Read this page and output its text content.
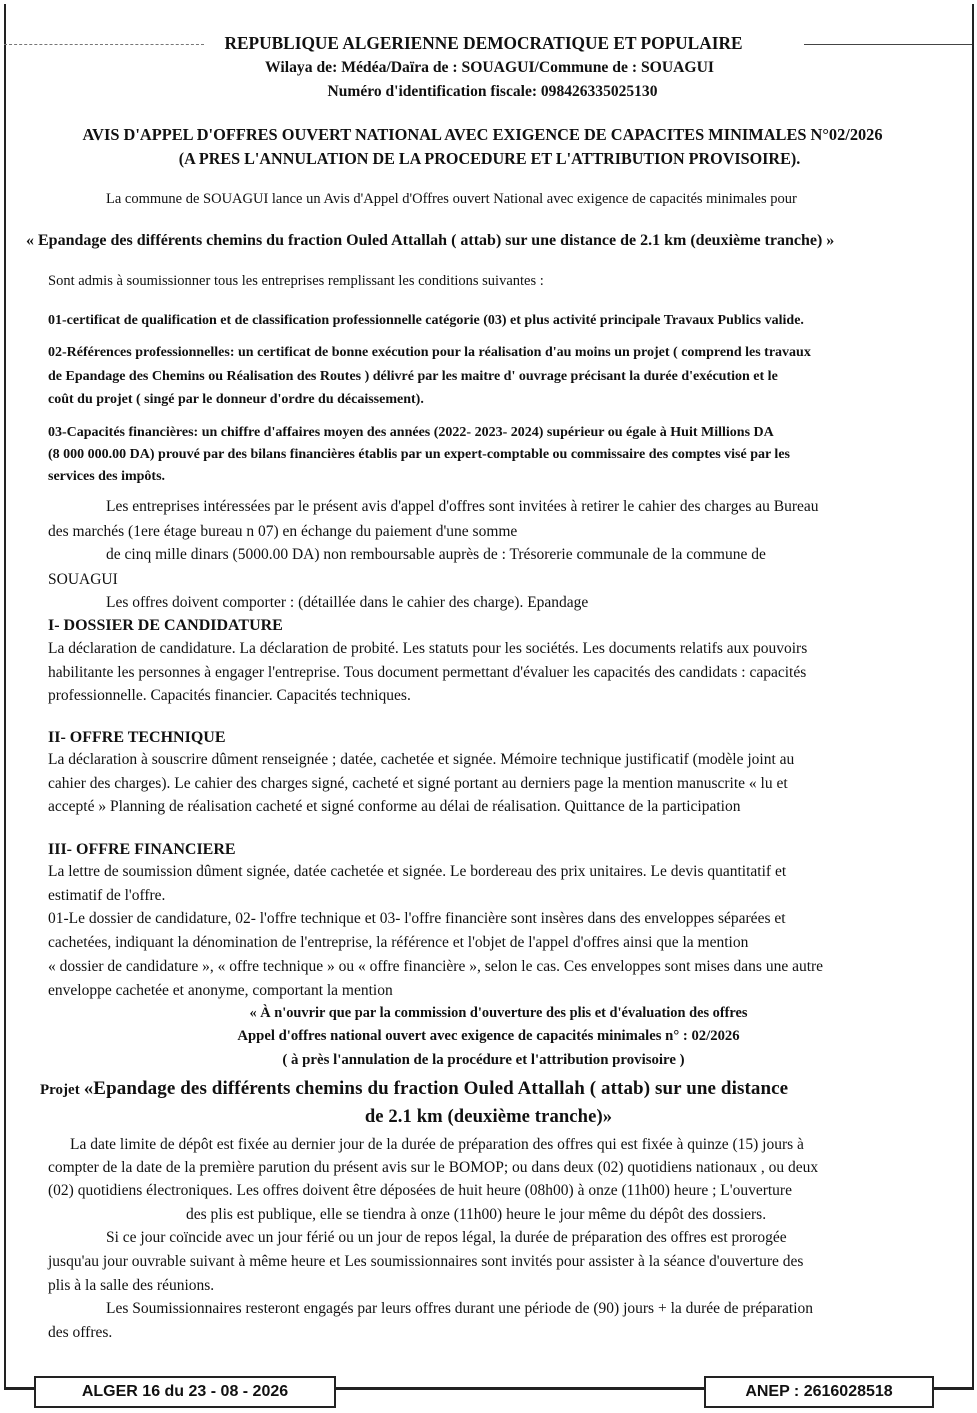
REPUBLIQUE ALGERIENNE DEMOCRATIQUE ET POPULAIRE
Wilaya de: Médéa/Daïra de : SOUAGUI/Commune de : SOUAGUI
Numéro d'identification fiscale: 098426335025130
AVIS D'APPEL D'OFFRES OUVERT NATIONAL AVEC EXIGENCE DE CAPACITES MINIMALES N°02/2026
(A PRES L'ANNULATION DE LA PROCEDURE ET L'ATTRIBUTION PROVISOIRE).
La commune de SOUAGUI lance un Avis d'Appel d'Offres ouvert National avec exigence de capacités minimales pour
« Epandage des différents chemins du fraction Ouled Attallah ( attab) sur une distance de 2.1 km (deuxième tranche) »
Sont admis à soumissionner tous les entreprises remplissant les conditions suivantes :
01-certificat de qualification et de classification professionnelle catégorie (03) et plus activité principale Travaux Publics valide.
02-Références professionnelles: un certificat de bonne exécution pour la réalisation d'au moins un projet ( comprend les travaux
de Epandage des Chemins ou Réalisation des Routes ) délivré par les maitre d' ouvrage précisant la durée d'exécution et le
coût du projet ( singé par le donneur d'ordre du décaissement).
03-Capacités financières: un chiffre d'affaires moyen des années (2022- 2023- 2024) supérieur ou égale à Huit Millions DA
(8 000 000.00 DA) prouvé par des bilans financières établis par un expert-comptable ou commissaire des comptes visé par les
services des impôts.
Les entreprises intéressées par le présent avis d'appel d'offres sont invitées à retirer le cahier des charges au Bureau
des marchés (1ere étage bureau n 07) en échange du paiement d'une somme
de cinq mille dinars (5000.00 DA) non remboursable auprès de : Trésorerie communale de la commune de
SOUAGUI
Les offres doivent comporter : (détaillée dans le cahier des charge). Epandage
I- DOSSIER DE CANDIDATURE
La déclaration de candidature. La déclaration de probité. Les statuts pour les sociétés. Les documents relatifs aux pouvoirs
habilitante les personnes à engager l'entreprise. Tous document permettant d'évaluer les capacités des candidats : capacités
professionnelle. Capacités financier. Capacités techniques.
II- OFFRE TECHNIQUE
La déclaration à souscrire dûment renseignée ; datée, cachetée et signée. Mémoire technique justificatif (modèle joint au
cahier des charges). Le cahier des charges signé, cacheté et signé portant au derniers page la mention manuscrite « lu et
accepté » Planning de réalisation cacheté et signé conforme au délai de réalisation. Quittance de la participation
III- OFFRE FINANCIERE
La lettre de soumission dûment signée, datée cachetée et signée. Le bordereau des prix unitaires. Le devis quantitatif et
estimatif de l'offre.
01-Le dossier de candidature, 02- l'offre technique et 03- l'offre financière sont insères dans des enveloppes séparées et
cachetées, indiquant la dénomination de l'entreprise, la référence et l'objet de l'appel d'offres ainsi que la mention
« dossier de candidature », « offre technique » ou « offre financière », selon le cas. Ces enveloppes sont mises dans une autre
enveloppe cachetée et anonyme, comportant la mention
« À n'ouvrir que par la commission d'ouverture des plis et d'évaluation des offres
Appel d'offres national ouvert avec exigence de capacités minimales n° : 02/2026
( à près l'annulation de la procédure et l'attribution provisoire )
Projet «Epandage des différents chemins du fraction Ouled Attallah ( attab) sur une distance
de 2.1 km (deuxième tranche)»
La date limite de dépôt est fixée au dernier jour de la durée de préparation des offres qui est fixée à quinze (15) jours à
compter de la date de la première parution du présent avis sur le BOMOP; ou dans deux (02) quotidiens nationaux , ou deux
(02) quotidiens électroniques. Les offres doivent être déposées de huit heure (08h00) à onze (11h00) heure ; L'ouverture
des plis est publique, elle se tiendra à onze (11h00) heure le jour même du dépôt des dossiers.
Si ce jour coïncide avec un jour férié ou un jour de repos légal, la durée de préparation des offres est prorogée
jusqu'au jour ouvrable suivant à même heure et Les soumissionnaires sont invités pour assister à la séance d'ouverture des
plis à la salle des réunions.
Les Soumissionnaires resteront engagés par leurs offres durant une période de (90) jours + la durée de préparation
des offres.
ALGER 16 du 23 - 08 - 2026	ANEP : 2616028518
